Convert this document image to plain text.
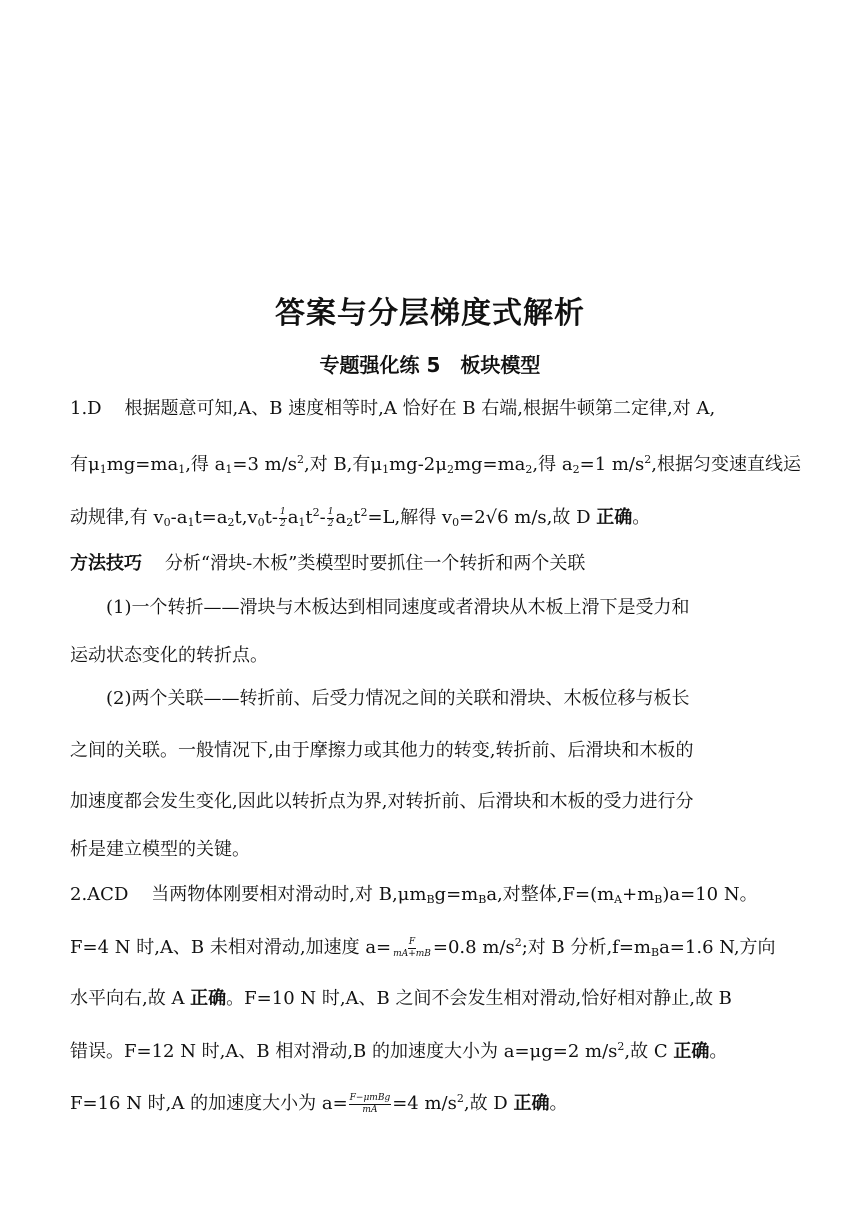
答案与分层梯度式解析
专题强化练 5　板块模型
1.D 根据题意可知,A、B 速度相等时,A 恰好在 B 右端,根据牛顿第二定律,对 A,
有$\mu_1mg=ma_1$,得 $a_1=3$ $m/s^2$,对 B,有$\mu_1mg-2\mu_2mg=ma_2$,得 $a_2=1$ $m/s^2$,根据匀变速直线运
动规律,有 $v_0-a_1t=a_2t,v_0t- \frac{1}{2} a_1t^2- \frac{1}{2} a_2t^2=L$,解得 $v_0=2√6$ m/s,故 D 正确。
方法技巧 分析“滑块-木板”类模型时要抓住一个转折和两个关联
(1)一个转折——滑块与木板达到相同速度或者滑块从木板上滑下是受力和
运动状态变化的转折点。
(2)两个关联——转折前、后受力情况之间的关联和滑块、木板位移与板长
之间的关联。一般情况下,由于摩擦力或其他力的转变,转折前、后滑块和木板的
加速度都会发生变化,因此以转折点为界,对转折前、后滑块和木板的受力进行分
析是建立模型的关键。
2.ACD 当两物体刚要相对滑动时,对 $B,\mu m_Bg=m_Ba$,对整体$,F=(m_A+m_B)a=10$ N。
F=4 N 时,A、B 未相对滑动,加速度 $a= \frac{F}{mA+mB} =0.8$ $m/s^2$;对 B 分析$,f=m_Ba=1.6$ N,方向
水平向右,故 A 正确。F=10 N 时,A、B 之间不会发生相对滑动,恰好相对静止,故 B
错误。F=12 N 时,A、B 相对滑动,B 的加速度大小为 a=μg=2 $m/s^2$,故 C 正确。
F=16 N 时,A 的加速度大小为 $a= \frac{\text{F−μmBg}}{mA} =4$ $m/s^2$,故 D 正确。
